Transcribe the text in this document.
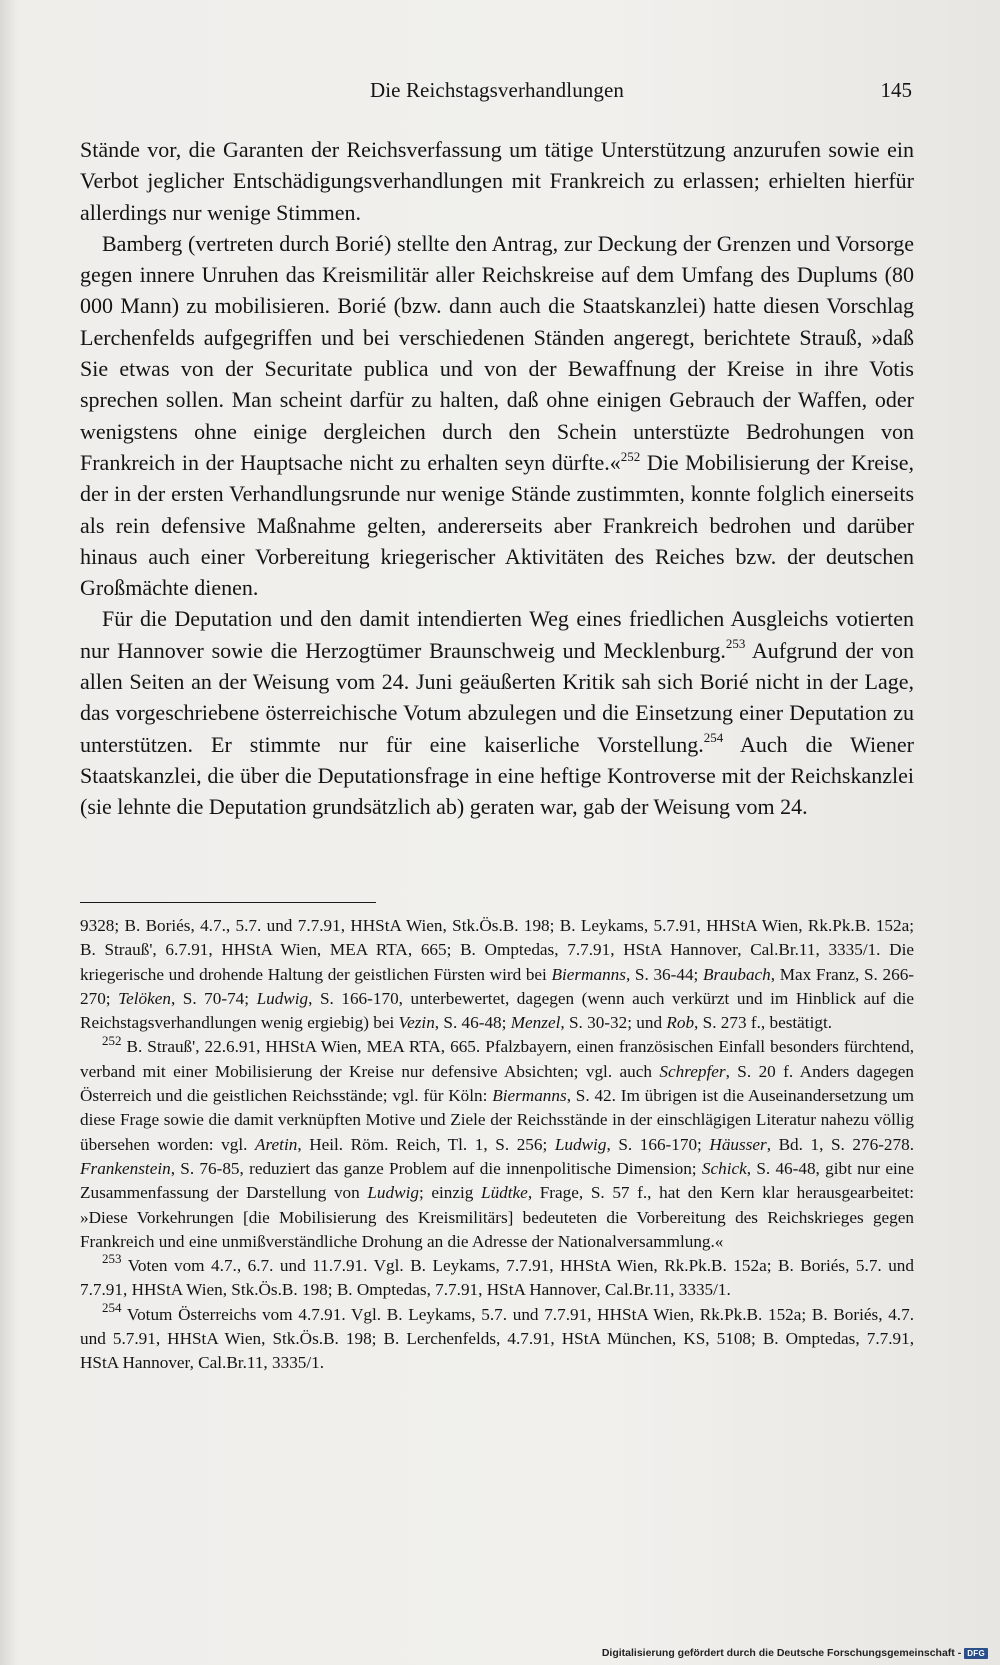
Die Reichstagsverhandlungen	145

Stände vor, die Garanten der Reichsverfassung um tätige Unterstützung anzurufen sowie ein Verbot jeglicher Entschädigungsverhandlungen mit Frankreich zu erlassen; erhielten hierfür allerdings nur wenige Stimmen.

Bamberg (vertreten durch Borié) stellte den Antrag, zur Deckung der Grenzen und Vorsorge gegen innere Unruhen das Kreismilitär aller Reichskreise auf dem Umfang des Duplums (80 000 Mann) zu mobilisieren. Borié (bzw. dann auch die Staatskanzlei) hatte diesen Vorschlag Lerchenfelds aufgegriffen und bei verschiedenen Ständen angeregt, berichtete Strauß, »daß Sie etwas von der Securitate publica und von der Bewaffnung der Kreise in ihre Votis sprechen sollen. Man scheint darfür zu halten, daß ohne einigen Gebrauch der Waffen, oder wenigstens ohne einige dergleichen durch den Schein unterstüzte Bedrohungen von Frankreich in der Hauptsache nicht zu erhalten seyn dürfte.«$^{252}$ Die Mobilisierung der Kreise, der in der ersten Verhandlungsrunde nur wenige Stände zustimmten, konnte folglich einerseits als rein defensive Maßnahme gelten, andererseits aber Frankreich bedrohen und darüber hinaus auch einer Vorbereitung kriegerischer Aktivitäten des Reiches bzw. der deutschen Großmächte dienen.

Für die Deputation und den damit intendierten Weg eines friedlichen Ausgleichs votierten nur Hannover sowie die Herzogtümer Braunschweig und Mecklenburg.$^{253}$ Aufgrund der von allen Seiten an der Weisung vom 24. Juni geäußerten Kritik sah sich Borié nicht in der Lage, das vorgeschriebene österreichische Votum abzulegen und die Einsetzung einer Deputation zu unterstützen. Er stimmte nur für eine kaiserliche Vorstellung.$^{254}$ Auch die Wiener Staatskanzlei, die über die Deputationsfrage in eine heftige Kontroverse mit der Reichskanzlei (sie lehnte die Deputation grundsätzlich ab) geraten war, gab der Weisung vom 24.

9328; B. Boriés, 4.7., 5.7. und 7.7.91, HHStA Wien, Stk.Ös.B. 198; B. Leykams, 5.7.91, HHStA Wien, Rk.Pk.B. 152a; B. Strauß', 6.7.91, HHStA Wien, MEA RTA, 665; B. Omptedas, 7.7.91, HStA Hannover, Cal.Br.11, 3335/1. Die kriegerische und drohende Haltung der geistlichen Fürsten wird bei Biermanns, S. 36-44; Braubach, Max Franz, S. 266-270; Telöken, S. 70-74; Ludwig, S. 166-170, unterbewertet, dagegen (wenn auch verkürzt und im Hinblick auf die Reichstagsverhandlungen wenig ergiebig) bei Vezin, S. 46-48; Menzel, S. 30-32; und Rob, S. 273 f., bestätigt.

$^{252}$ B. Strauß', 22.6.91, HHStA Wien, MEA RTA, 665. Pfalzbayern, einen französischen Einfall besonders fürchtend, verband mit einer Mobilisierung der Kreise nur defensive Absichten; vgl. auch Schrepfer, S. 20 f. Anders dagegen Österreich und die geistlichen Reichsstände; vgl. für Köln: Biermanns, S. 42. Im übrigen ist die Auseinandersetzung um diese Frage sowie die damit verknüpften Motive und Ziele der Reichsstände in der einschlägigen Literatur nahezu völlig übersehen worden: vgl. Aretin, Heil. Röm. Reich, Tl. 1, S. 256; Ludwig, S. 166-170; Häusser, Bd. 1, S. 276-278. Frankenstein, S. 76-85, reduziert das ganze Problem auf die innenpolitische Dimension; Schick, S. 46-48, gibt nur eine Zusammenfassung der Darstellung von Ludwig; einzig Lüdtke, Frage, S. 57 f., hat den Kern klar herausgearbeitet: »Diese Vorkehrungen [die Mobilisierung des Kreismilitärs] bedeuteten die Vorbereitung des Reichskrieges gegen Frankreich und eine unmißverständliche Drohung an die Adresse der Nationalversammlung.«

$^{253}$ Voten vom 4.7., 6.7. und 11.7.91. Vgl. B. Leykams, 7.7.91, HHStA Wien, Rk.Pk.B. 152a; B. Boriés, 5.7. und 7.7.91, HHStA Wien, Stk.Ös.B. 198; B. Omptedas, 7.7.91, HStA Hannover, Cal.Br.11, 3335/1.

$^{254}$ Votum Österreichs vom 4.7.91. Vgl. B. Leykams, 5.7. und 7.7.91, HHStA Wien, Rk.Pk.B. 152a; B. Boriés, 4.7. und 5.7.91, HHStA Wien, Stk.Ös.B. 198; B. Lerchenfelds, 4.7.91, HStA München, KS, 5108; B. Omptedas, 7.7.91, HStA Hannover, Cal.Br.11, 3335/1.

Digitalisierung gefördert durch die Deutsche Forschungsgemeinschaft - DFG
